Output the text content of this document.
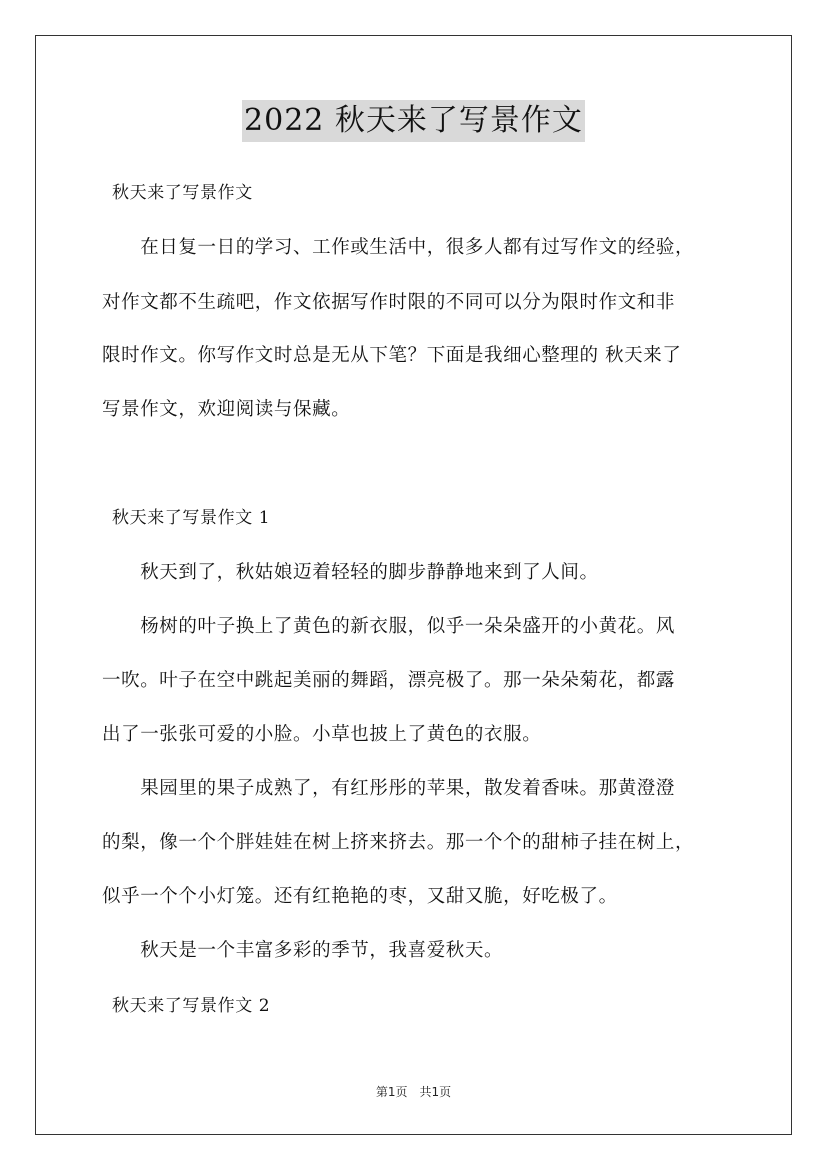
2022 秋天来了写景作文
秋天来了写景作文
　　在日复一日的学习、工作或生活中，很多人都有过写作文的经验，
对作文都不生疏吧，作文依据写作时限的不同可以分为限时作文和非
限时作文。你写作文时总是无从下笔？下面是我细心整理的 秋天来了
写景作文，欢迎阅读与保藏。
秋天来了写景作文 1
　　秋天到了，秋姑娘迈着轻轻的脚步静静地来到了人间。
　　杨树的叶子换上了黄色的新衣服，似乎一朵朵盛开的小黄花。风
一吹。叶子在空中跳起美丽的舞蹈，漂亮极了。那一朵朵菊花，都露
出了一张张可爱的小脸。小草也披上了黄色的衣服。
　　果园里的果子成熟了，有红彤彤的苹果，散发着香味。那黄澄澄
的梨，像一个个胖娃娃在树上挤来挤去。那一个个的甜柿子挂在树上，
似乎一个个小灯笼。还有红艳艳的枣，又甜又脆，好吃极了。
　　秋天是一个丰富多彩的季节，我喜爱秋天。
秋天来了写景作文 2
第1页　共1页
